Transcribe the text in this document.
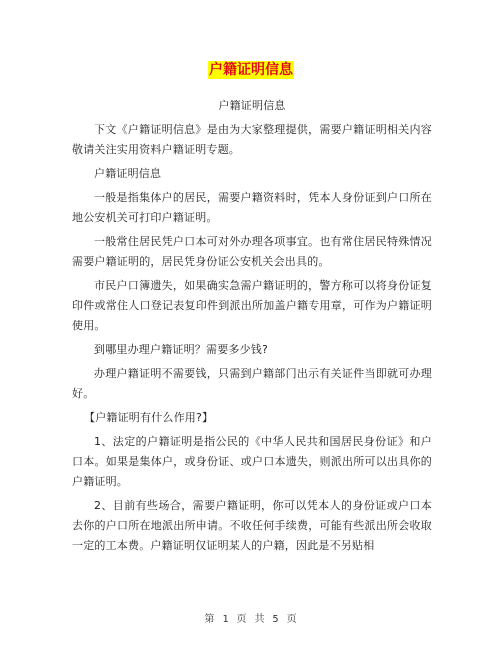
户籍证明信息

户籍证明信息

下文《户籍证明信息》是由为大家整理提供，需要户籍证明相关内容敬请关注实用资料户籍证明专题。

户籍证明信息

一般是指集体户的居民，需要户籍资料时，凭本人身份证到户口所在地公安机关可打印户籍证明。

一般常住居民凭户口本可对外办理各项事宜。也有常住居民特殊情况需要户籍证明的，居民凭身份证公安机关会出具的。

市民户口簿遗失，如果确实急需户籍证明的，警方称可以将身份证复印件或常住人口登记表复印件到派出所加盖户籍专用章，可作为户籍证明使用。

到哪里办理户籍证明？需要多少钱?

办理户籍证明不需要钱，只需到户籍部门出示有关证件当即就可办理好。

【户籍证明有什么作用?】

1、法定的户籍证明是指公民的《中华人民共和国居民身份证》和户口本。如果是集体户，或身份证、或户口本遗失，则派出所可以出具你的户籍证明。

2、目前有些场合，需要户籍证明，你可以凭本人的身份证或户口本去你的户口所在地派出所申请。不收任何手续费，可能有些派出所会收取一定的工本费。户籍证明仅证明某人的户籍，因此是不另贴相

第 1 页 共 5 页
